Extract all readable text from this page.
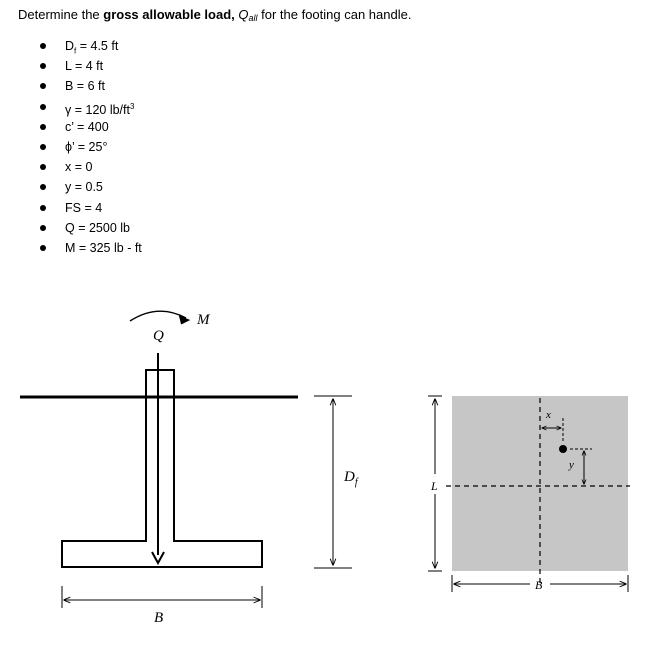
Determine the gross allowable load, Qall for the footing can handle.
$D_f = 4.5$ ft
L = 4 ft
B = 6 ft
γ = 120 $lb/ft^3$
c’ = 400
ϕ’ = 25°
x = 0
y = 0.5
FS = 4
Q = 2500 lb
M = 325 lb - ft
M
Q
B
$D_f$
x
y
L
B
